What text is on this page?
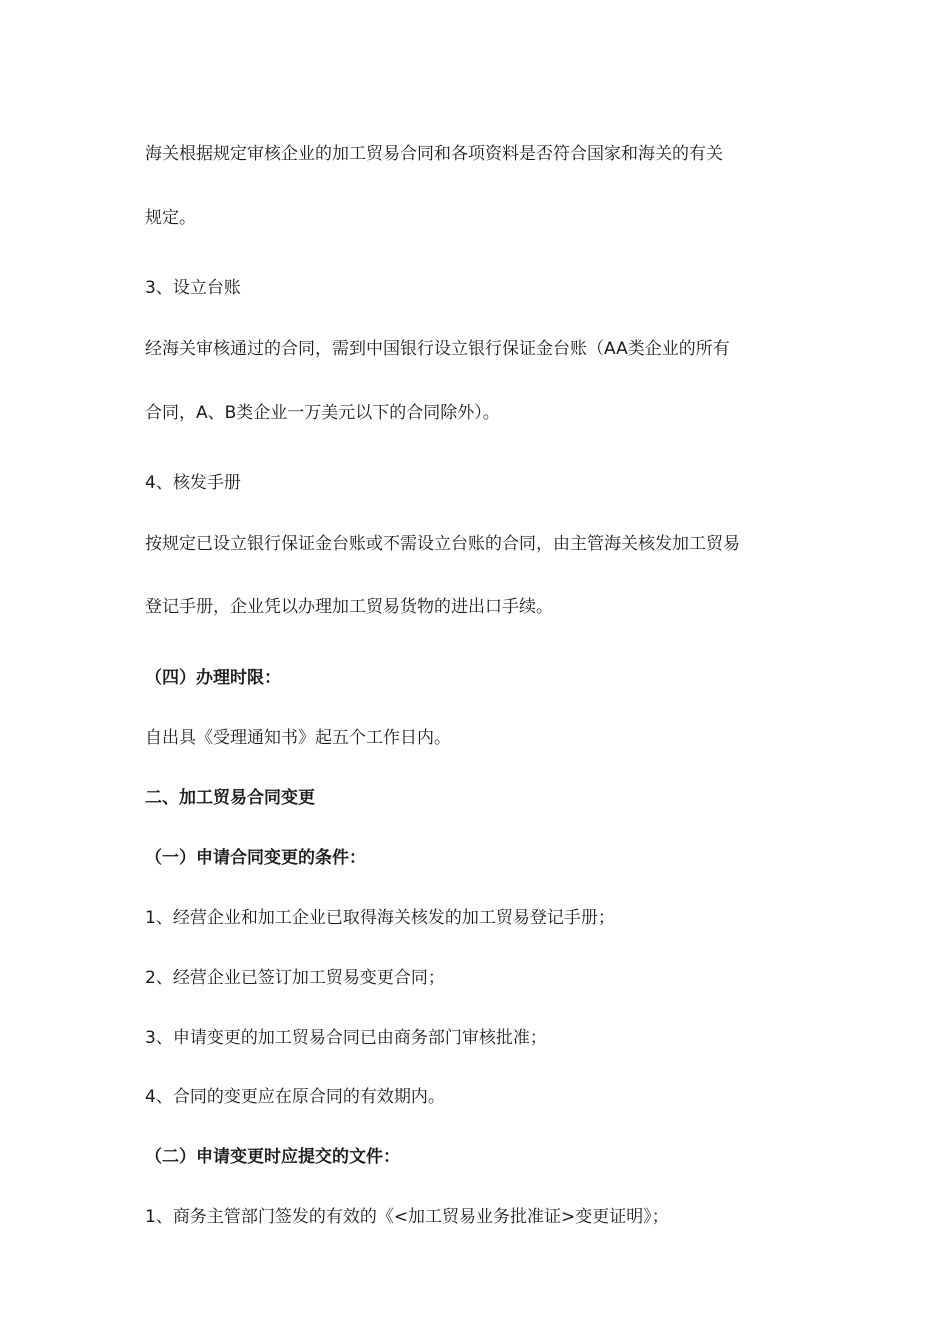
海关根据规定审核企业的加工贸易合同和各项资料是否符合国家和海关的有关

规定。

3、设立台账

经海关审核通过的合同，需到中国银行设立银行保证金台账（AA类企业的所有

合同，A、B类企业一万美元以下的合同除外）。

4、核发手册

按规定已设立银行保证金台账或不需设立台账的合同，由主管海关核发加工贸易

登记手册，企业凭以办理加工贸易货物的进出口手续。

（四）办理时限：

自出具《受理通知书》起五个工作日内。

二、加工贸易合同变更

（一）申请合同变更的条件：

1、经营企业和加工企业已取得海关核发的加工贸易登记手册；

2、经营企业已签订加工贸易变更合同；

3、申请变更的加工贸易合同已由商务部门审核批准；

4、合同的变更应在原合同的有效期内。

（二）申请变更时应提交的文件：

1、商务主管部门签发的有效的《<加工贸易业务批准证>变更证明》；
